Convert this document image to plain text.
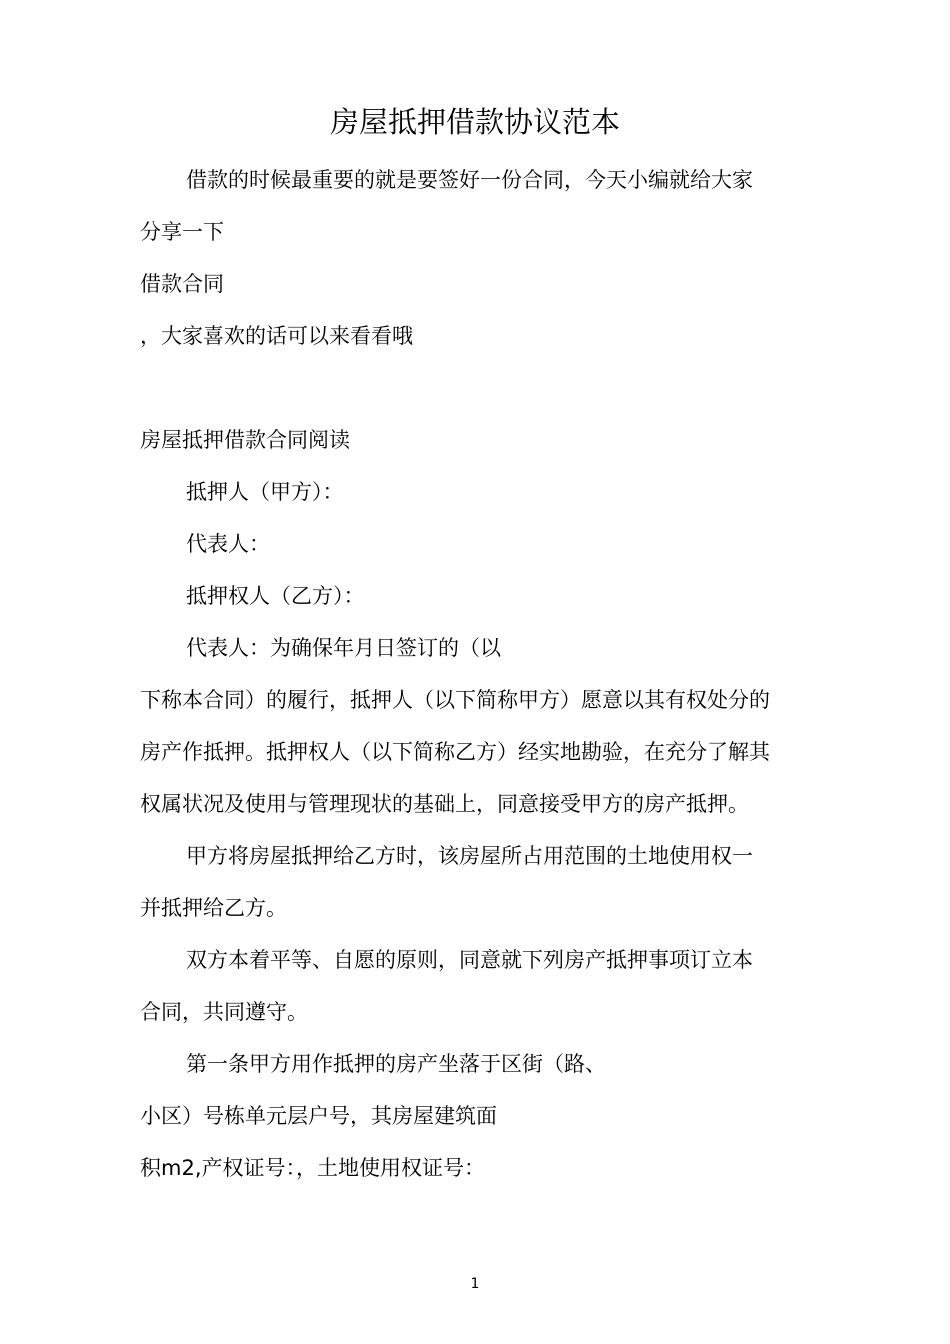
房屋抵押借款协议范本
借款的时候最重要的就是要签好一份合同，今天小编就给大家
分享一下
借款合同
，大家喜欢的话可以来看看哦
房屋抵押借款合同阅读
抵押人（甲方）：
代表人：
抵押权人（乙方）：
代表人：为确保年月日签订的（以
下称本合同）的履行，抵押人（以下简称甲方）愿意以其有权处分的
房产作抵押。抵押权人（以下简称乙方）经实地勘验，在充分了解其
权属状况及使用与管理现状的基础上，同意接受甲方的房产抵押。
甲方将房屋抵押给乙方时，该房屋所占用范围的土地使用权一
并抵押给乙方。
双方本着平等、自愿的原则，同意就下列房产抵押事项订立本
合同，共同遵守。
第一条甲方用作抵押的房产坐落于区街（路、
小区）号栋单元层户号，其房屋建筑面
积m2,产权证号：，土地使用权证号：
1
